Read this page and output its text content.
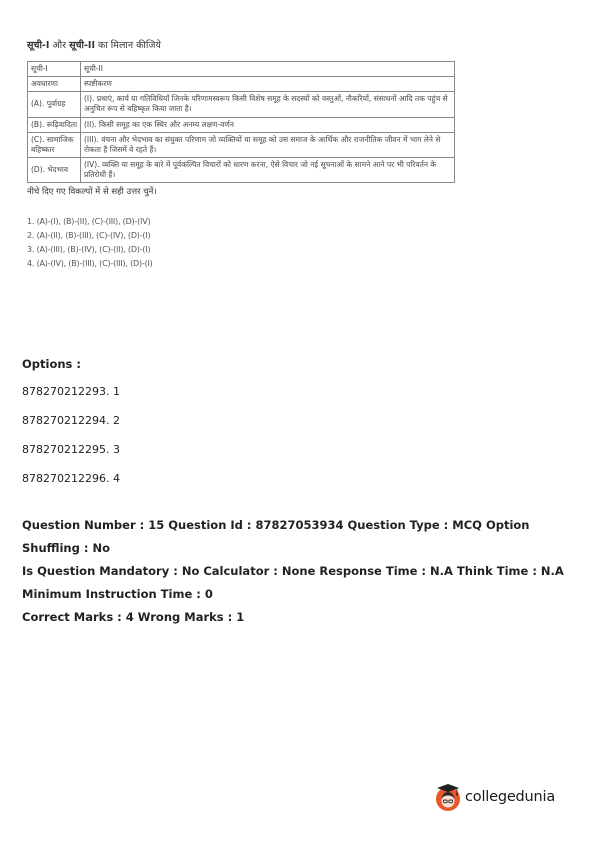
सूची-I और सूची-II का मिलान कीजिये
सूची-I	सूची-II
अवधारणा	स्पष्टीकरण
(A). पूर्वाग्रह	(I). प्रथाएं, कार्य या गतिविधियाँ जिनके परिणामस्वरूप किसी विशेष समूह के सदस्यों को वस्तुओं, नौकरियों, संसाधनों आदि तक पहुंच से अनुचित रूप से बहिष्कृत किया जाता है।
(B). रूढ़िवादिता	(II). किसी समूह का एक स्थिर और अनम्य लक्षण-वर्णन
(C). सामाजिक बहिष्कार	(III). वंचना और भेदभाव का संयुक्त परिणाम जो व्यक्तियों या समूह को उस समाज के आर्थिक और राजनीतिक जीवन में भाग लेने से रोकता है जिसमें वे रहते हैं।
(D). भेदभाव	(IV). व्यक्ति या समूह के बारे में पूर्वकल्पित विचारों को धारण करना, ऐसे विचार जो नई सूचनाओं के सामने आने पर भी परिवर्तन के प्रतिरोधी हैं।
नीचे दिए गए विकल्पों में से सही उत्तर चुनें।
1. (A)-(I), (B)-(II), (C)-(III), (D)-(IV)
2. (A)-(II), (B)-(III), (C)-(IV), (D)-(I)
3. (A)-(III), (B)-(IV), (C)-(II), (D)-(I)
4. (A)-(IV), (B)-(III), (C)-(III), (D)-(I)
Options :
878270212293. 1
878270212294. 2
878270212295. 3
878270212296. 4
Question Number : 15 Question Id : 87827053934 Question Type : MCQ Option Shuffling : No
Is Question Mandatory : No Calculator : None Response Time : N.A Think Time : N.A
Minimum Instruction Time : 0
Correct Marks : 4 Wrong Marks : 1
collegedunia
